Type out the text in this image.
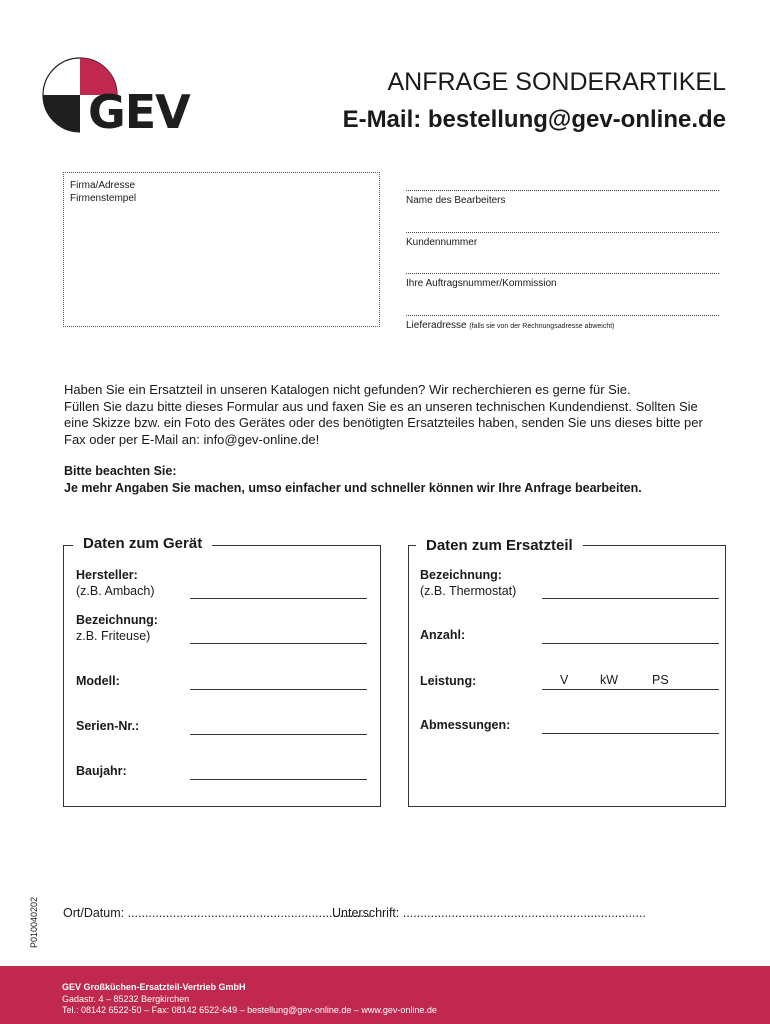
GEV
ANFRAGE SONDERARTIKEL
E-Mail: bestellung@gev-online.de
Firma/Adresse
Firmenstempel	Name des Bearbeiters
Kundennummer
Ihre Auftragsnummer/Kommission
Lieferadresse (falls sie von der Rechnungsadresse abweicht)
Haben Sie ein Ersatzteil in unseren Katalogen nicht gefunden? Wir recherchieren es gerne für Sie.
Füllen Sie dazu bitte dieses Formular aus und faxen Sie es an unseren technischen Kundendienst. Sollten Sie
eine Skizze bzw. ein Foto des Gerätes oder des benötigten Ersatzteiles haben, senden Sie uns dieses bitte per
Fax oder per E-Mail an: info@gev-online.de!
Bitte beachten Sie:
Je mehr Angaben Sie machen, umso einfacher und schneller können wir Ihre Anfrage bearbeiten.
Daten zum Gerät
Hersteller:
(z.B. Ambach)
Bezeichnung:
z.B. Friteuse)
Modell:
Serien-Nr.:
Baujahr:
Daten zum Ersatzteil
Bezeichnung:
(z.B. Thermostat)
Anzahl:
Leistung:	V	kW	PS
Abmessungen:
Ort/Datum: ......................................................................
Unterschrift: ......................................................................
P010040202
GEV Großküchen-Ersatzteil-Vertrieb GmbH
Gadastr. 4 – 85232 Bergkirchen
Tel.: 08142 6522-50 – Fax: 08142 6522-649 – bestellung@gev-online.de – www.gev-online.de
